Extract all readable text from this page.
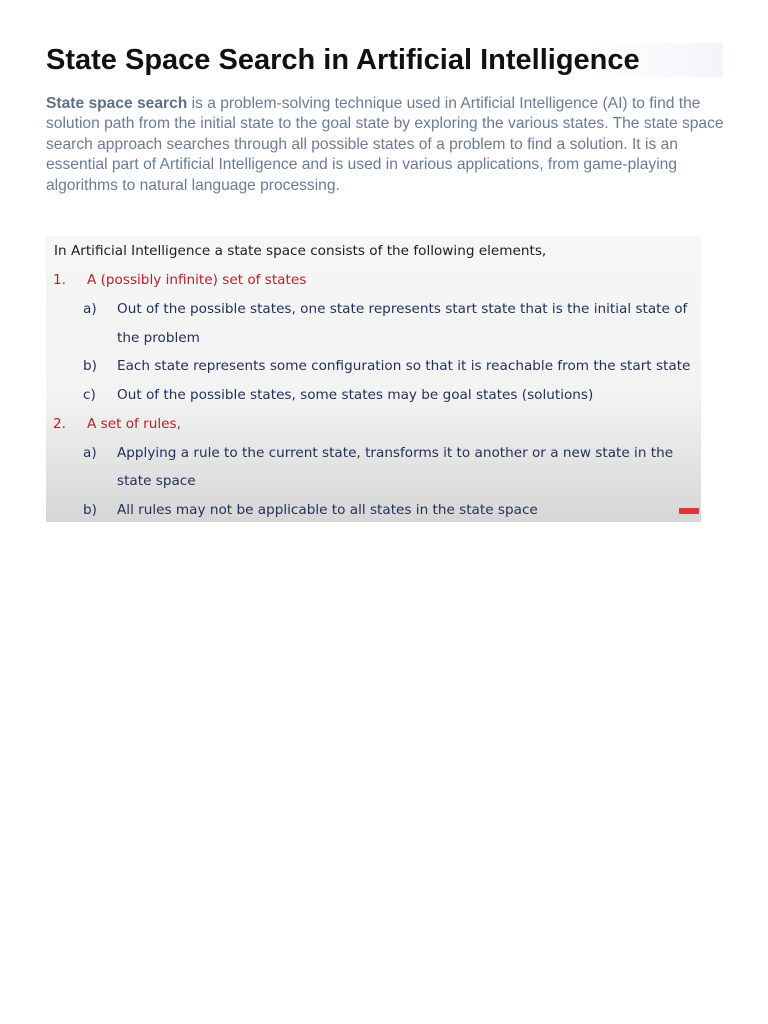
State Space Search in Artificial Intelligence

State space search is a problem-solving technique used in Artificial Intelligence (AI) to find the solution path from the initial state to the goal state by exploring the various states. The state space search approach searches through all possible states of a problem to find a solution. It is an essential part of Artificial Intelligence and is used in various applications, from game-playing algorithms to natural language processing.

In Artificial Intelligence a state space consists of the following elements,
1. A (possibly infinite) set of states
a) Out of the possible states, one state represents start state that is the initial state of
the problem
b) Each state represents some configuration so that it is reachable from the start state
c) Out of the possible states, some states may be goal states (solutions)
2. A set of rules,
a) Applying a rule to the current state, transforms it to another or a new state in the
state space
b) All rules may not be applicable to all states in the state space
